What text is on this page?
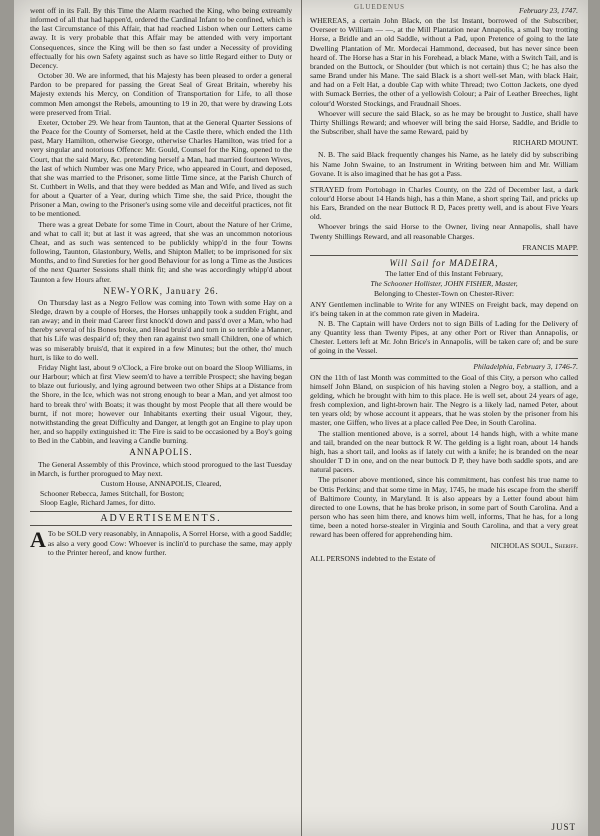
GLUEDENUS

went off in its Fall. By this Time the Alarm reached the King, who being extreamly informed of all that had happen'd, ordered the Cardinal Infant to be confined, which is the last Circumstance of this Affair, that had reached Lisbon when our Letters came away. It is very probable that this Affair may be attended with very important Consequences, since the King will be then so fast under a Necessity of providing effectually for his own Safety against such as have so little Regard either to Duty or Decency.

October 30. We are informed, that his Majesty has been pleased to order a general Pardon to be prepared for passing the Great Seal of Great Britain, whereby his Majesty extends his Mercy, on Condition of Transportation for Life, to all those common Men amongst the Rebels, amounting to 19 in 20, that were by drawing Lots were preserved from Trial.

Exeter, October 29. We hear from Taunton, that at the General Quarter Sessions of the Peace for the County of Somerset, held at the Castle there, which ended the 11th past, Mary Hamilton, otherwise George, otherwise Charles Hamilton, was tried for a very singular and notorious Offence: Mr. Gould, Counsel for the King, opened to the Court, that the said Mary, &c. pretending herself a Man, had married fourteen Wives, the last of which Number was one Mary Price, who appeared in Court, and deposed, that she was married to the Prisoner, some little Time since, at the Parish Church of St. Cuthbert in Wells, and that they were bedded as Man and Wife, and lived as such for about a Quarter of a Year, during which Time she, the said Price, thought the Prisoner a Man, owing to the Prisoner's using some vile and deceitful practices, not fit to be mentioned.

There was a great Debate for some Time in Court, about the Nature of her Crime, and what to call it; but at last it was agreed, that she was an uncommon notorious Cheat, and as such was sentenced to be publickly whipp'd in the four Towns following, Taunton, Glastonbury, Wells, and Shipton Mallet; to be imprisoned for six Months, and to find Sureties for her good Behaviour for as long a Time as the Justices of the next Quarter Sessions shall think fit; and she was accordingly whipp'd about Taunton a few Hours after.

NEW-YORK, January 26.

On Thursday last as a Negro Fellow was coming into Town with some Hay on a Sledge, drawn by a couple of Horses, the Horses unhappily took a sudden Fright, and ran away; and in their mad Career first knock'd down and pass'd over a Man, who had thereby several of his Bones broke, and Head bruis'd and torn in so terrible a Manner, that his Life was despair'd of; they then ran against two small Children, one of which was so miserably bruis'd, that it expired in a few Minutes; but the other, tho' much hurt, is like to do well.

Friday Night last, about 9 o'Clock, a Fire broke out on board the Sloop Williams, in our Harbour; which at first View seem'd to have a terrible Prospect; she having began to blaze out furiously, and lying aground between two other Ships at a Distance from the Shore, in the Ice, which was not strong enough to bear a Man, and yet almost too hard to break thro' with Boats; it was thought by most People that all there would be burnt, if not more; however our Inhabitants exerting their usual Vigour, they, notwithstanding the great Difficulty and Danger, at length got an Engine to play upon her, and so happily extinguished it: The Fire is said to be occasioned by a Boy's going to Bed in the Cabbin, and leaving a Candle burning.

ANNAPOLIS.

The General Assembly of this Province, which stood prorogued to the last Tuesday in March, is further prorogued to May next.

Custom House, ANNAPOLIS, Cleared,

Schooner Rebecca, James Stitchall, for Boston;

Sloop Eagle, Richard James, for ditto.

ADVERTISEMENTS.

A To be SOLD very reasonably, in Annapolis, A Sorrel Horse, with a good Saddle; as also a very good Cow: Whoever is inclin'd to purchase the same, may apply to the Printer hereof, and know further.

February 23, 1747.

WHEREAS, a certain John Black, on the 1st Instant, borrowed of the Subscriber, Overseer to William — —, at the Mill Plantation near Annapolis, a small bay trotting Horse, a Bridle and an old Saddle, without a Pad, upon Pretence of going to the late Dwelling Plantation of Mr. Mordecai Hammond, deceased, but has never since been heard of. The Horse has a Star in his Forehead, a black Mane, with a Switch Tail, and is branded on the Buttock, or Shoulder (but which is not certain) thus C; he has also the same Brand under his Mane. The said Black is a short well-set Man, with black Hair, and had on a Felt Hat, a double Cap with white Thread; two Cotton Jackets, one dyed with Sumack Berries, the other of a yellowish Colour; a Pair of Leather Breeches, light colour'd Worsted Stockings, and Fraudnail Shoes.

Whoever will secure the said Black, so as he may be brought to Justice, shall have Thirty Shillings Reward; and whoever will bring the said Horse, Saddle, and Bridle to the Subscriber, shall have the same Reward, paid by

RICHARD MOUNT.

N. B. The said Black frequently changes his Name, as he lately did by subscribing his Name John Swaine, to an Instrument in Writing between him and Mr. William Govane. It is also imagined that he has got a Pass.

STRAYED from Portobago in Charles County, on the 22d of December last, a dark colour'd Horse about 14 Hands high, has a thin Mane, a short spring Tail, and pricks up his Ears, Branded on the near Buttock R D, Paces pretty well, and is about Five Years old.

Whoever brings the said Horse to the Owner, living near Annapolis, shall have Twenty Shillings Reward, and all reasonable Charges.

FRANCIS MAPP.

Will Sail for MADEIRA,

The latter End of this Instant February,

The Schooner Hollister, JOHN FISHER, Master,

Belonging to Chester-Town on Chester-River:

ANY Gentlemen inclinable to Write for any WINES on Freight back, may depend on it's being taken in at the common rate given in Madeira.

N. B. The Captain will have Orders not to sign Bills of Lading for the Delivery of any Quantity less than Twenty Pipes, at any other Port or River than Annapolis, or Chester. Letters left at Mr. John Brice's in Annapolis, will be taken care of; and be sure of going in the Vessel.

Philadelphia, February 3, 1746-7.

ON the 11th of last Month was committed to the Goal of this City, a person who called himself John Bland, on suspicion of his having stolen a Negro boy, a stallion, and a gelding, which he brought with him to this place. He is well set, about 24 years of age, fresh complexion, and light-brown hair. The Negro is a likely lad, named Peter, about ten years old; by whose account it appears, that he was stolen by the prisoner from his master, one Giffen, who lives at a place called Pee Dee, in South Carolina.

The stallion mentioned above, is a sorrel, about 14 hands high, with a white mane and tail, branded on the near buttock R W. The gelding is a light roan, about 14 hands high, has a short tail, and looks as if lately cut with a knife; he is branded on the near shoulder T D in one, and on the near buttock D P, they have both saddle spots, and are natural pacers.

The prisoner above mentioned, since his commitment, has confest his true name to be Ottis Perkins; and that some time in May, 1745, he made his escape from the sheriff of Baltimore County, in Maryland. It is also appears by a Letter found about him directed to one Lowns, that he has broke prison, in some part of South Carolina. And a person who has seen him there, and knows him well, informs, That he has, for a long time, been a noted horse-stealer in Virginia and South Carolina, and that a very great reward has been offered for apprehending him.

NICHOLAS SOUL, Sheriff.

ALL PERSONS indebted to the Estate of

JUST
